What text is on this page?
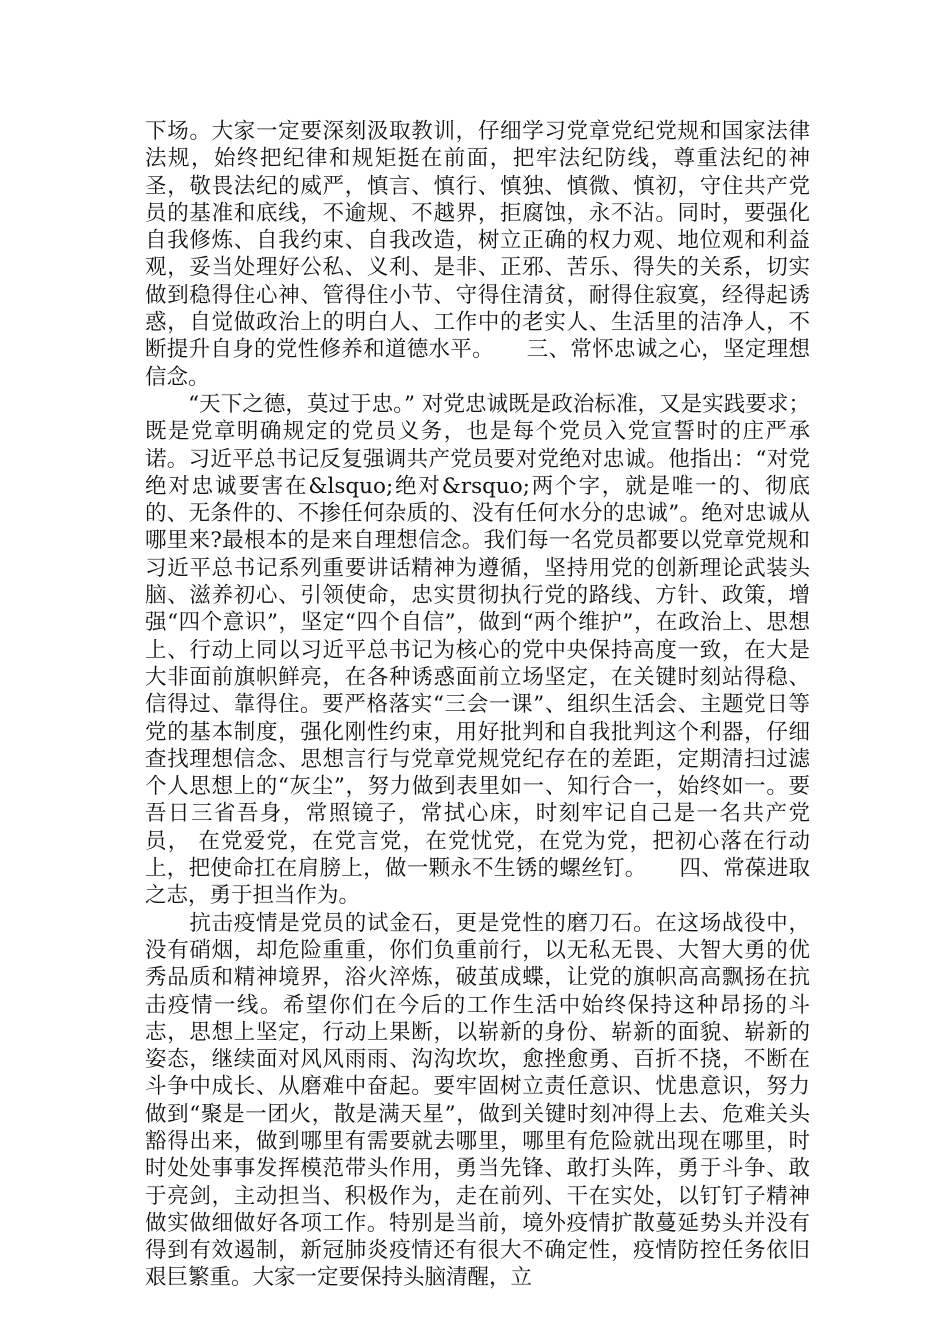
下场。大家一定要深刻汲取教训，仔细学习党章党纪党规和国家法律法规，始终把纪律和规矩挺在前面，把牢法纪防线，尊重法纪的神圣，敬畏法纪的威严，慎言、慎行、慎独、慎微、慎初，守住共产党员的基准和底线，不逾规、不越界，拒腐蚀，永不沾。同时，要强化自我修炼、自我约束、自我改造，树立正确的权力观、地位观和利益观，妥当处理好公私、义利、是非、正邪、苦乐、得失的关系，切实做到稳得住心神、管得住小节、守得住清贫，耐得住寂寞，经得起诱惑，自觉做政治上的明白人、工作中的老实人、生活里的洁净人，不断提升自身的党性修养和道德水平。　　三、常怀忠诚之心，坚定理想信念。

　　“天下之德，莫过于忠。” 对党忠诚既是政治标准，又是实践要求；既是党章明确规定的党员义务，也是每个党员入党宣誓时的庄严承诺。习近平总书记反复强调共产党员要对党绝对忠诚。他指出：“对党绝对忠诚要害在&lsquo;绝对&rsquo;两个字，就是唯一的、彻底的、无条件的、不掺任何杂质的、没有任何水分的忠诚”。绝对忠诚从哪里来?最根本的是来自理想信念。我们每一名党员都要以党章党规和习近平总书记系列重要讲话精神为遵循，坚持用党的创新理论武装头脑、滋养初心、引领使命，忠实贯彻执行党的路线、方针、政策，增强“四个意识”，坚定“四个自信”，做到“两个维护”，在政治上、思想上、行动上同以习近平总书记为核心的党中央保持高度一致，在大是大非面前旗帜鲜亮，在各种诱惑面前立场坚定，在关键时刻站得稳、信得过、靠得住。要严格落实“三会一课”、组织生活会、主题党日等党的基本制度，强化刚性约束，用好批判和自我批判这个利器，仔细查找理想信念、思想言行与党章党规党纪存在的差距，定期清扫过滤个人思想上的“灰尘”，努力做到表里如一、知行合一，始终如一。要吾日三省吾身，常照镜子，常拭心床，时刻牢记自己是一名共产党员， 在党爱党，在党言党，在党忧党，在党为党，把初心落在行动上，把使命扛在肩膀上，做一颗永不生锈的螺丝钉。　　四、常葆进取之志，勇于担当作为。

　　抗击疫情是党员的试金石，更是党性的磨刀石。在这场战役中，没有硝烟，却危险重重，你们负重前行，以无私无畏、大智大勇的优秀品质和精神境界，浴火淬炼，破茧成蝶，让党的旗帜高高飘扬在抗击疫情一线。希望你们在今后的工作生活中始终保持这种昂扬的斗志，思想上坚定，行动上果断，以崭新的身份、崭新的面貌、崭新的姿态，继续面对风风雨雨、沟沟坎坎，愈挫愈勇、百折不挠，不断在斗争中成长、从磨难中奋起。要牢固树立责任意识、忧患意识，努力做到“聚是一团火，散是满天星”，做到关键时刻冲得上去、危难关头豁得出来，做到哪里有需要就去哪里，哪里有危险就出现在哪里，时时处处事事发挥模范带头作用，勇当先锋、敢打头阵，勇于斗争、敢于亮剑，主动担当、积极作为，走在前列、干在实处，以钉钉子精神做实做细做好各项工作。特别是当前，境外疫情扩散蔓延势头并没有得到有效遏制，新冠肺炎疫情还有很大不确定性，疫情防控任务依旧艰巨繁重。大家一定要保持头脑清醒，立
